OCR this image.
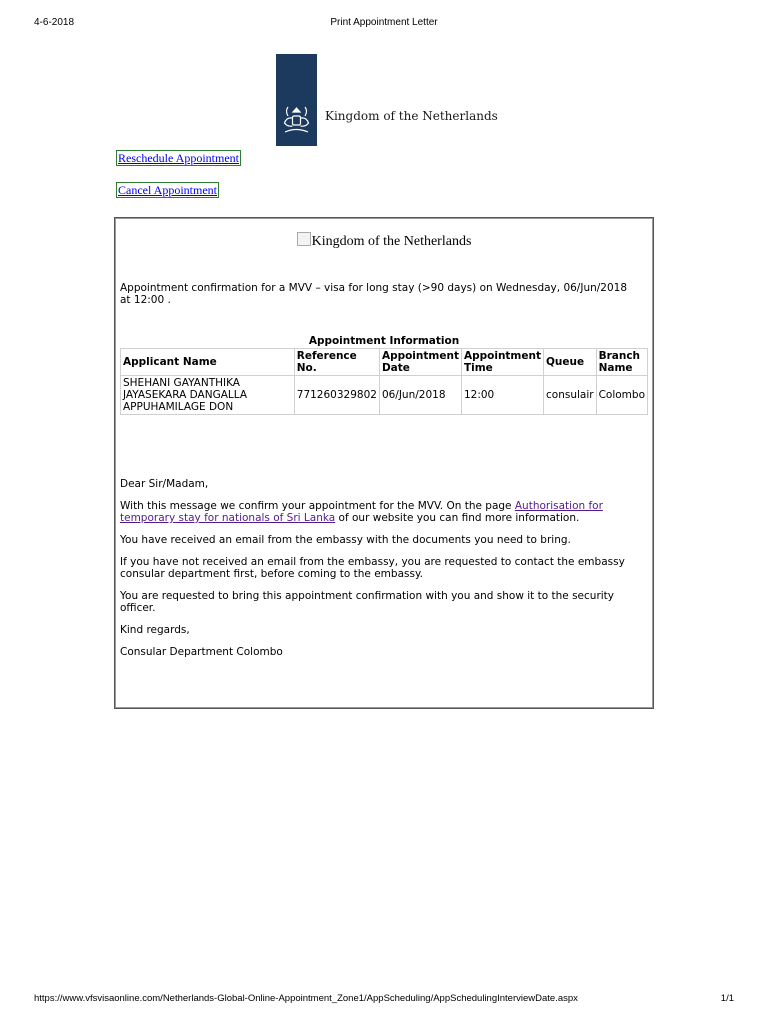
4-6-2018	Print Appointment Letter
Kingdom of the Netherlands
Reschedule Appointment
Cancel Appointment
Kingdom of the Netherlands
Appointment confirmation for a MVV – visa for long stay (>90 days) on Wednesday, 06/Jun/2018 at 12:00 .
Appointment Information
Applicant Name	Reference No.	Appointment Date	Appointment Time	Queue	Branch Name
SHEHANI GAYANTHIKA JAYASEKARA DANGALLA APPUHAMILAGE DON	771260329802	06/Jun/2018	12:00	consulair	Colombo

Dear Sir/Madam,

With this message we confirm your appointment for the MVV. On the page Authorisation for temporary stay for nationals of Sri Lanka of our website you can find more information.

You have received an email from the embassy with the documents you need to bring.

If you have not received an email from the embassy, you are requested to contact the embassy consular department first, before coming to the embassy.

You are requested to bring this appointment confirmation with you and show it to the security officer.

Kind regards,

Consular Department Colombo

https://www.vfsvisaonline.com/Netherlands-Global-Online-Appointment_Zone1/AppScheduling/AppSchedulingInterviewDate.aspx	1/1
